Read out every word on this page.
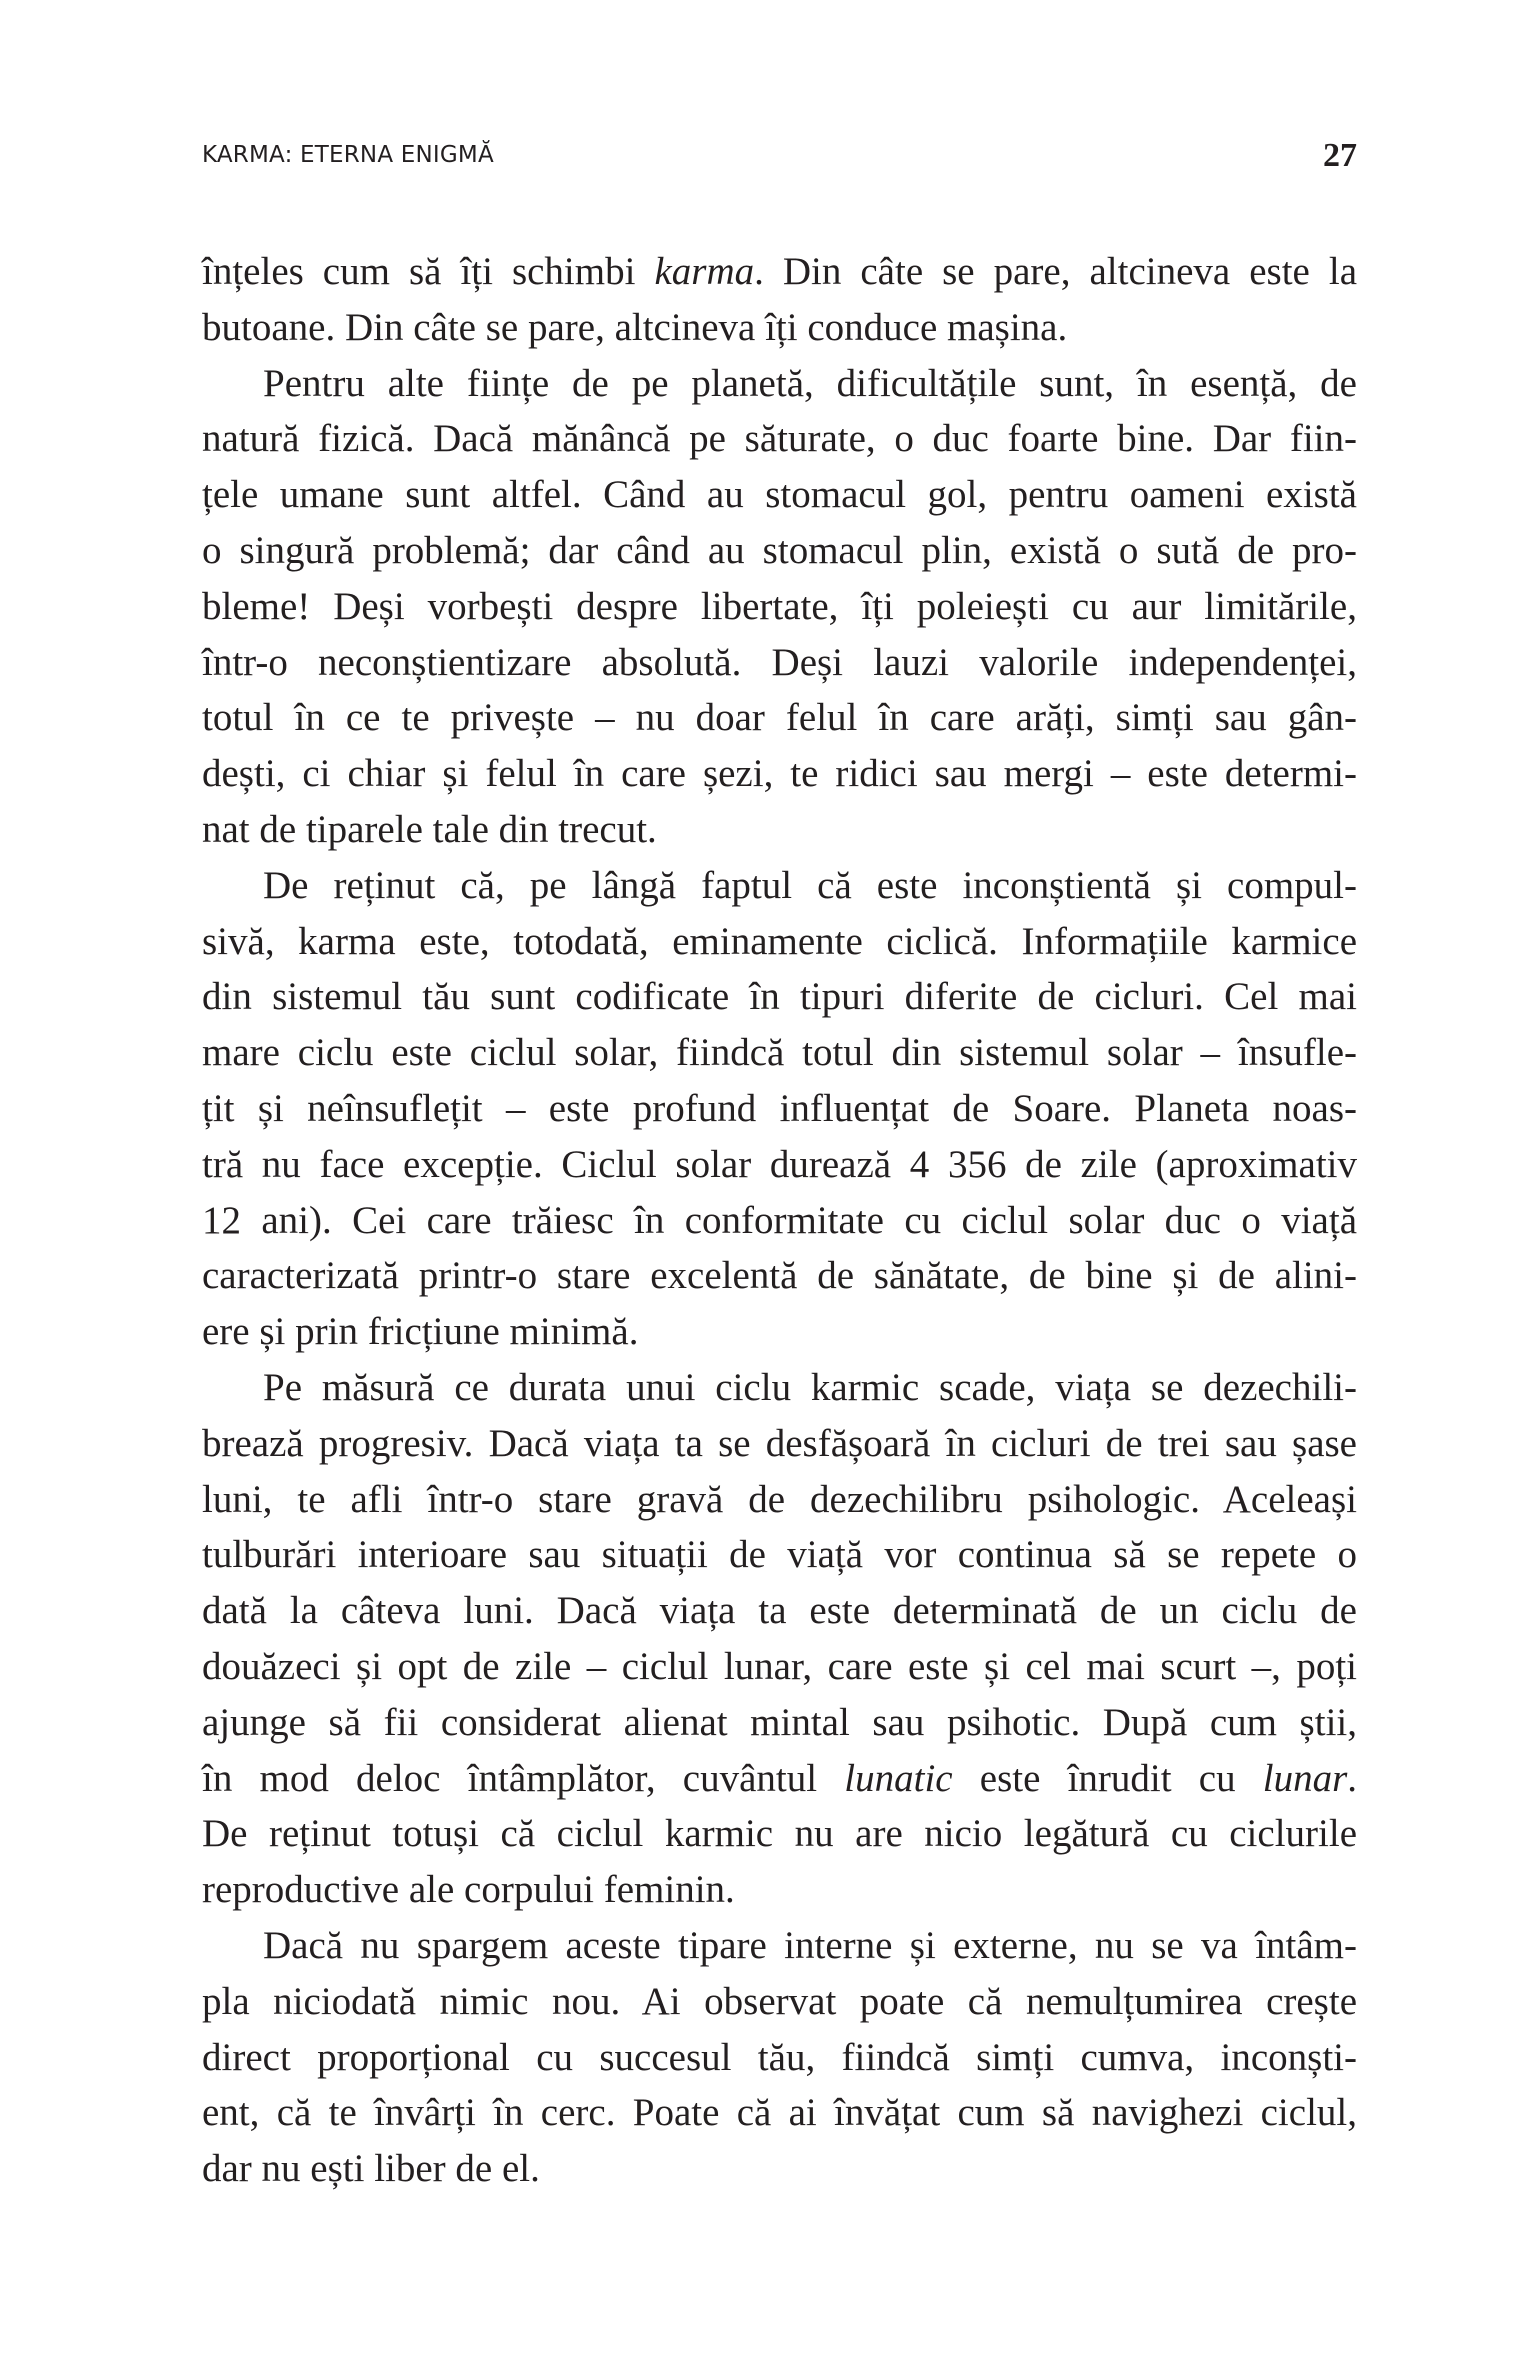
KARMA: ETERNA ENIGMĂ	27
înțeles cum să îți schimbi karma. Din câte se pare, altcineva este la
butoane. Din câte se pare, altcineva îți conduce mașina.
Pentru alte ființe de pe planetă, dificultățile sunt, în esență, de
natură fizică. Dacă mănâncă pe săturate, o duc foarte bine. Dar fiin-
țele umane sunt altfel. Când au stomacul gol, pentru oameni există
o singură problemă; dar când au stomacul plin, există o sută de pro-
bleme! Deși vorbești despre libertate, îți poleiești cu aur limitările,
într-o neconștientizare absolută. Deși lauzi valorile independenței,
totul în ce te privește – nu doar felul în care arăți, simți sau gân-
dești, ci chiar și felul în care șezi, te ridici sau mergi – este determi-
nat de tiparele tale din trecut.
De reținut că, pe lângă faptul că este inconștientă și compul-
sivă, karma este, totodată, eminamente ciclică. Informațiile karmice
din sistemul tău sunt codificate în tipuri diferite de cicluri. Cel mai
mare ciclu este ciclul solar, fiindcă totul din sistemul solar – însufle-
țit și neînsuflețit – este profund influențat de Soare. Planeta noas-
tră nu face excepție. Ciclul solar durează 4 356 de zile (aproximativ
12 ani). Cei care trăiesc în conformitate cu ciclul solar duc o viață
caracterizată printr-o stare excelentă de sănătate, de bine și de alini-
ere și prin fricțiune minimă.
Pe măsură ce durata unui ciclu karmic scade, viața se dezechili-
brează progresiv. Dacă viața ta se desfășoară în cicluri de trei sau șase
luni, te afli într-o stare gravă de dezechilibru psihologic. Aceleași
tulburări interioare sau situații de viață vor continua să se repete o
dată la câteva luni. Dacă viața ta este determinată de un ciclu de
douăzeci și opt de zile – ciclul lunar, care este și cel mai scurt –, poți
ajunge să fii considerat alienat mintal sau psihotic. După cum știi,
în mod deloc întâmplător, cuvântul lunatic este înrudit cu lunar.
De reținut totuși că ciclul karmic nu are nicio legătură cu ciclurile
reproductive ale corpului feminin.
Dacă nu spargem aceste tipare interne și externe, nu se va întâm-
pla niciodată nimic nou. Ai observat poate că nemulțumirea crește
direct proporțional cu succesul tău, fiindcă simți cumva, inconști-
ent, că te învârți în cerc. Poate că ai învățat cum să navighezi ciclul,
dar nu ești liber de el.
